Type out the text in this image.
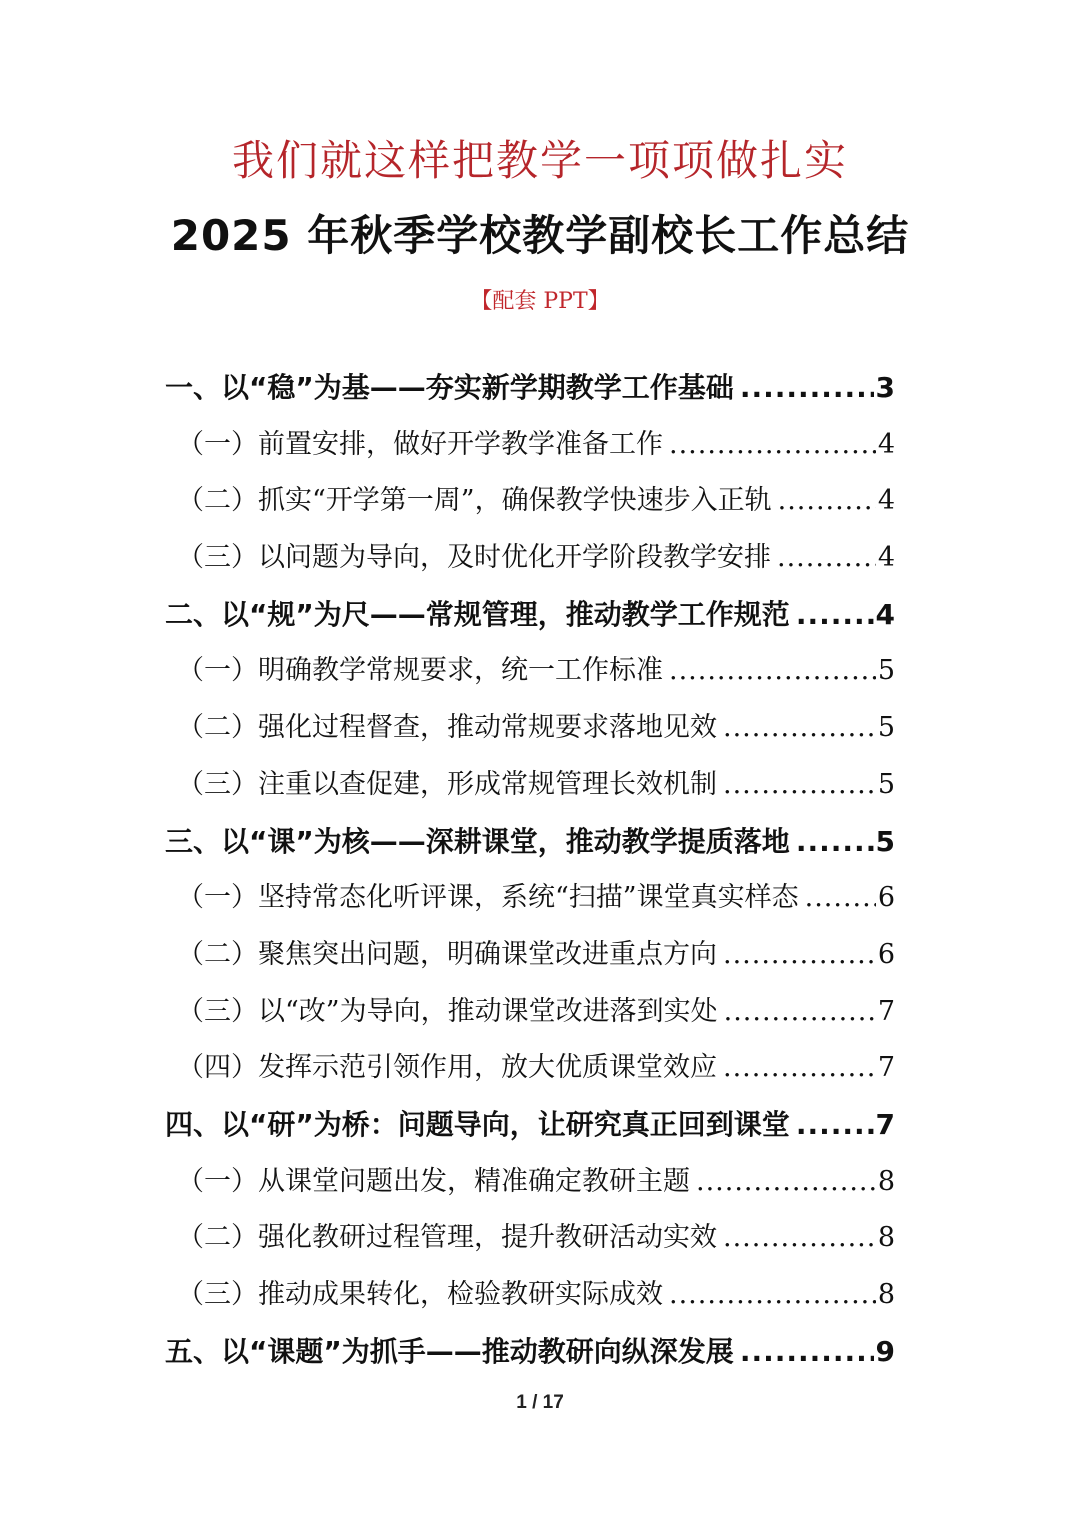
我们就这样把教学一项项做扎实
2025 年秋季学校教学副校长工作总结
【配套 PPT】
一、以“稳”为基——夯实新学期教学工作基础 .....	3
（一）前置安排，做好开学教学准备工作 .....	4
（二）抓实“开学第一周”，确保教学快速步入正轨 .....	4
（三）以问题为导向，及时优化开学阶段教学安排 .....	4
二、以“规”为尺——常规管理，推动教学工作规范 .....	4
（一）明确教学常规要求，统一工作标准 .....	5
（二）强化过程督查，推动常规要求落地见效 .....	5
（三）注重以查促建，形成常规管理长效机制 .....	5
三、以“课”为核——深耕课堂，推动教学提质落地 .....	5
（一）坚持常态化听评课，系统“扫描”课堂真实样态 .....	6
（二）聚焦突出问题，明确课堂改进重点方向 .....	6
（三）以“改”为导向，推动课堂改进落到实处 .....	7
（四）发挥示范引领作用，放大优质课堂效应 .....	7
四、以“研”为桥：问题导向，让研究真正回到课堂 .....	7
（一）从课堂问题出发，精准确定教研主题 .....	8
（二）强化教研过程管理，提升教研活动实效 .....	8
（三）推动成果转化，检验教研实际成效 .....	8
五、以“课题”为抓手——推动教研向纵深发展 .....	9
1 / 17
